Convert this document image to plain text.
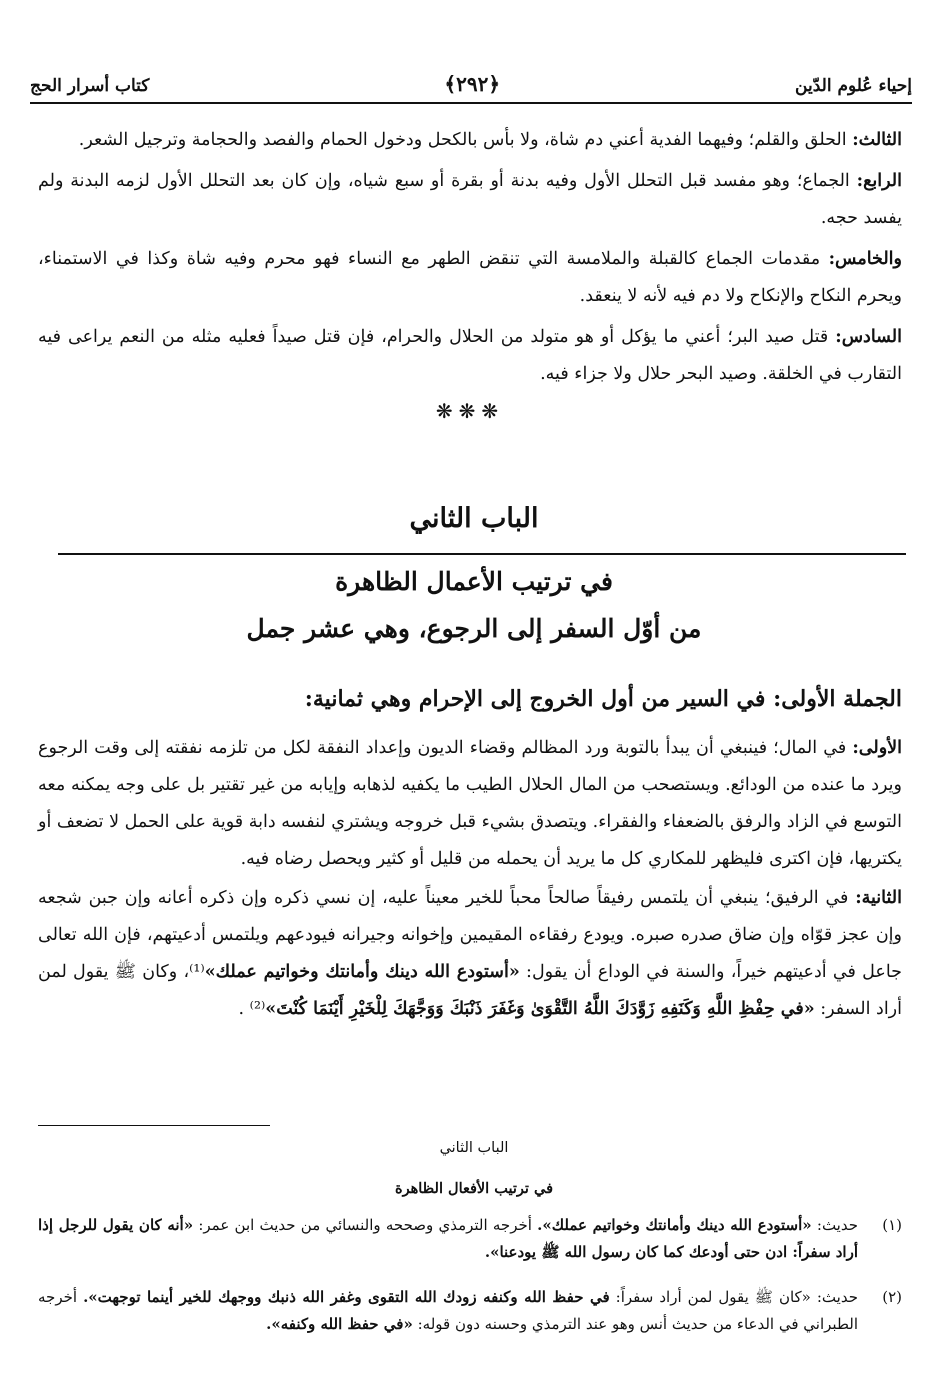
إحياء عُلوم الدّين
﴿٢٩٢﴾
كتاب أسرار الحج

الثالث: الحلق والقلم؛ وفيهما الفدية أعني دم شاة، ولا بأس بالكحل ودخول الحمام والفصد والحجامة وترجيل الشعر.

الرابع: الجماع؛ وهو مفسد قبل التحلل الأول وفيه بدنة أو بقرة أو سبع شياه، وإن كان بعد التحلل الأول لزمه البدنة ولم يفسد حجه.

والخامس: مقدمات الجماع كالقبلة والملامسة التي تنقض الطهر مع النساء فهو محرم وفيه شاة وكذا في الاستمناء، ويحرم النكاح والإنكاح ولا دم فيه لأنه لا ينعقد.

السادس: قتل صيد البر؛ أعني ما يؤكل أو هو متولد من الحلال والحرام، فإن قتل صيداً فعليه مثله من النعم يراعى فيه التقارب في الخلقة. وصيد البحر حلال ولا جزاء فيه.

❋❋❋
الباب الثاني
في ترتيب الأعمال الظاهرة
من أوّل السفر إلى الرجوع، وهي عشر جمل
الجملة الأولى: في السير من أول الخروج إلى الإحرام وهي ثمانية:

الأولى: في المال؛ فينبغي أن يبدأ بالتوبة ورد المظالم وقضاء الديون وإعداد النفقة لكل من تلزمه نفقته إلى وقت الرجوع ويرد ما عنده من الودائع. ويستصحب من المال الحلال الطيب ما يكفيه لذهابه وإيابه من غير تقتير بل على وجه يمكنه معه التوسع في الزاد والرفق بالضعفاء والفقراء. ويتصدق بشيء قبل خروجه ويشتري لنفسه دابة قوية على الحمل لا تضعف أو يكتريها، فإن اكترى فليظهر للمكاري كل ما يريد أن يحمله من قليل أو كثير ويحصل رضاه فيه.

الثانية: في الرفيق؛ ينبغي أن يلتمس رفيقاً صالحاً محباً للخير معيناً عليه، إن نسي ذكره وإن ذكره أعانه وإن جبن شجعه وإن عجز قوّاه وإن ضاق صدره صبره. ويودع رفقاءه المقيمين وإخوانه وجيرانه فيودعهم ويلتمس أدعيتهم، فإن الله تعالى جاعل في أدعيتهم خيراً، والسنة في الوداع أن يقول: «أستودع الله دينك وأمانتك وخواتيم عملك»⁽¹⁾، وكان ﷺ يقول لمن أراد السفر: «في حِفْظِ اللَّهِ وَكَنَفِهِ زَوَّدَكَ اللَّهُ التَّقْوَىٰ وَغَفَرَ ذَنْبَكَ وَوَجَّهَكَ لِلْخَيْرِ أَيْنَمَا كُنْتَ»⁽²⁾ .

الباب الثاني
في ترتيب الأفعال الظاهرة
(١)
حديث: «أستودع الله دينك وأمانتك وخواتيم عملك». أخرجه الترمذي وصححه والنسائي من حديث ابن عمر: «أنه كان يقول للرجل إذا أراد سفراً: ادن حتى أودعك كما كان رسول الله ﷺ يودعنا».
(٢)
حديث: «كان ﷺ يقول لمن أراد سفراً: في حفظ الله وكنفه زودك الله التقوى وغفر الله ذنبك ووجهك للخير أينما توجهت». أخرجه الطبراني في الدعاء من حديث أنس وهو عند الترمذي وحسنه دون قوله: «في حفظ الله وكنفه».
